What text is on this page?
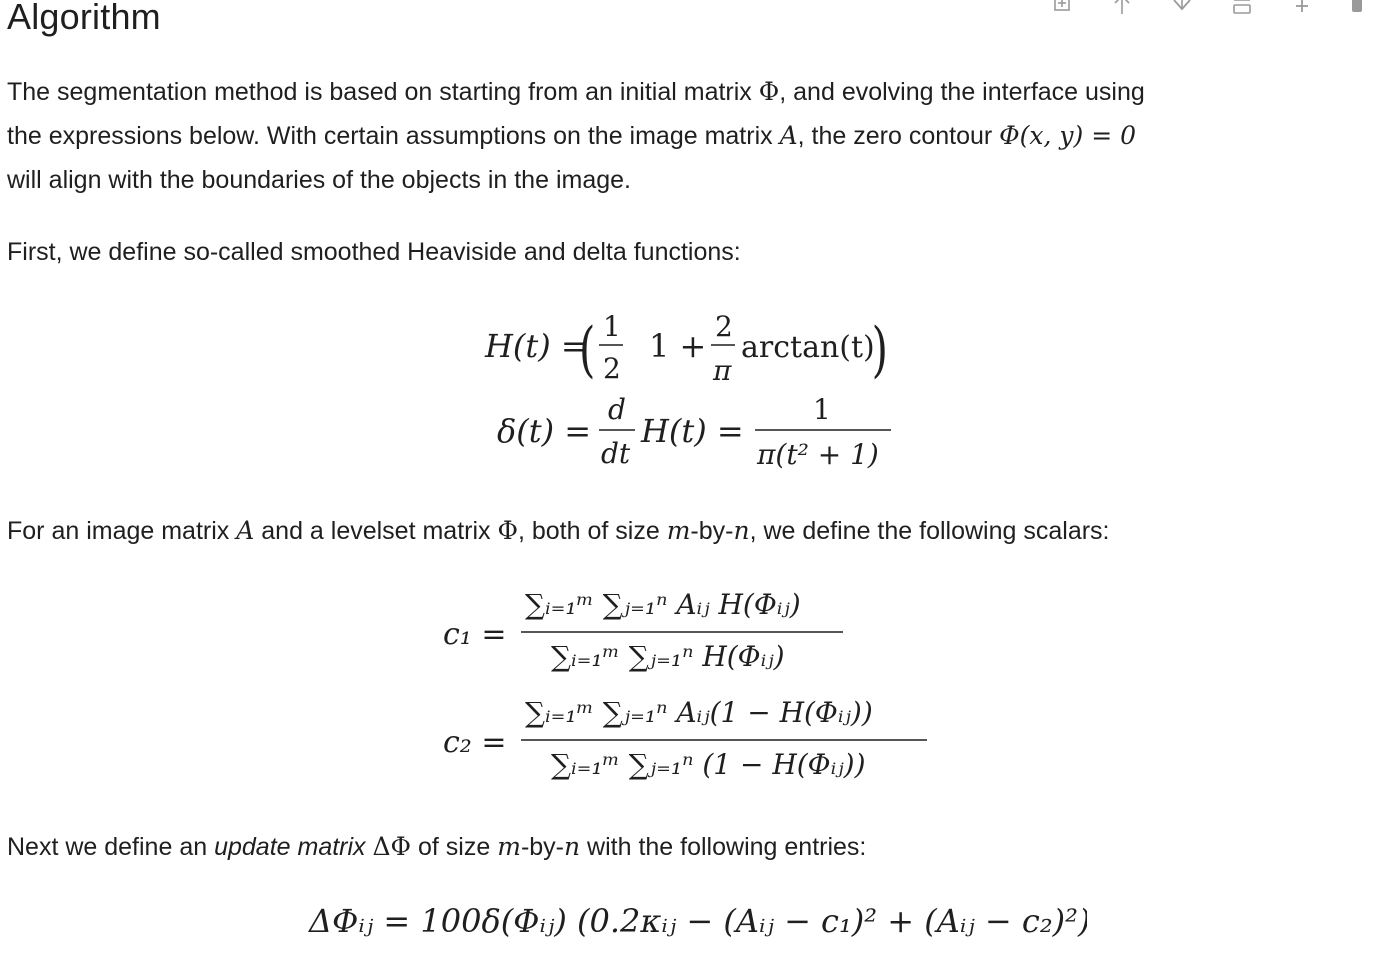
Algorithm

The segmentation method is based on starting from an initial matrix Φ, and evolving the interface using
the expressions below. With certain assumptions on the image matrix A, the zero contour Φ(x, y) = 0
will align with the boundaries of the objects in the image.

First, we define so-called smoothed Heaviside and delta functions:

For an image matrix A and a levelset matrix Φ, both of size m-by-n, we define the following scalars:

Next we define an update matrix ΔΦ of size m-by-n with the following entries:

H(t) =
1
2
( 1 +
2
π
arctan(t)
)
δ(t) =
d
dt
H(t) =
1
π(t² + 1)
c₁ =
∑ᵢ₌₁ᵐ ∑ⱼ₌₁ⁿ Aᵢⱼ H(Φᵢⱼ)
∑ᵢ₌₁ᵐ ∑ⱼ₌₁ⁿ H(Φᵢⱼ)
c₂ =
∑ᵢ₌₁ᵐ ∑ⱼ₌₁ⁿ Aᵢⱼ(1 − H(Φᵢⱼ))
∑ᵢ₌₁ᵐ ∑ⱼ₌₁ⁿ (1 − H(Φᵢⱼ))
ΔΦᵢⱼ = 100δ(Φᵢⱼ) (0.2κᵢⱼ − (Aᵢⱼ − c₁)² + (Aᵢⱼ − c₂)²)
